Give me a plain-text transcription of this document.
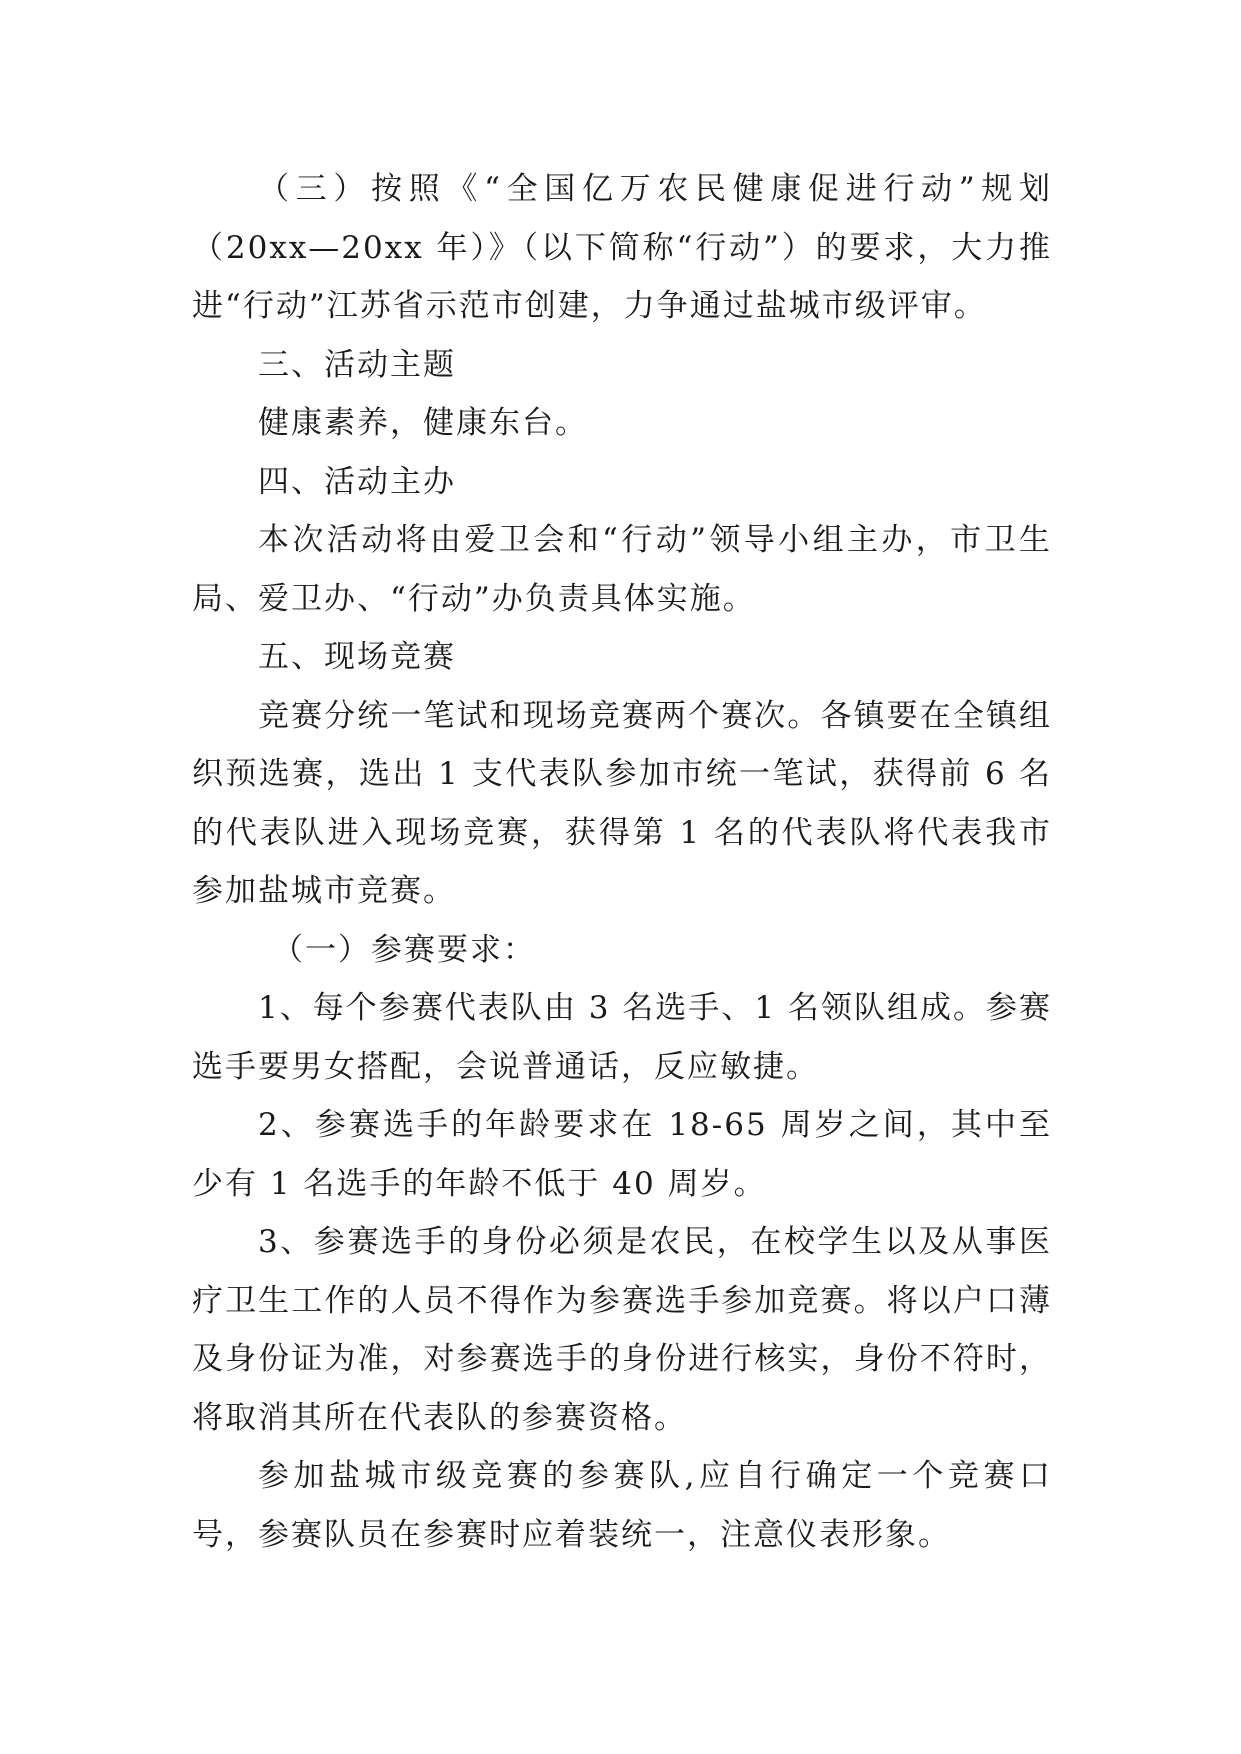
（三）按照《“全国亿万农民健康促进行动”规划（20xx—20xx 年）》（以下简称“行动”）的要求，大力推进“行动”江苏省示范市创建，力争通过盐城市级评审。

三、活动主题

健康素养，健康东台。

四、活动主办

本次活动将由爱卫会和“行动”领导小组主办，市卫生局、爱卫办、“行动”办负责具体实施。

五、现场竞赛

竞赛分统一笔试和现场竞赛两个赛次。各镇要在全镇组织预选赛，选出 1 支代表队参加市统一笔试，获得前 6 名的代表队进入现场竞赛，获得第 1 名的代表队将代表我市参加盐城市竞赛。

（一）参赛要求：

1、每个参赛代表队由 3 名选手、1 名领队组成。参赛选手要男女搭配，会说普通话，反应敏捷。

2、参赛选手的年龄要求在 18-65 周岁之间，其中至少有 1 名选手的年龄不低于 40 周岁。

3、参赛选手的身份必须是农民，在校学生以及从事医疗卫生工作的人员不得作为参赛选手参加竞赛。将以户口薄及身份证为准，对参赛选手的身份进行核实，身份不符时，将取消其所在代表队的参赛资格。

参加盐城市级竞赛的参赛队,应自行确定一个竞赛口号，参赛队员在参赛时应着装统一，注意仪表形象。
